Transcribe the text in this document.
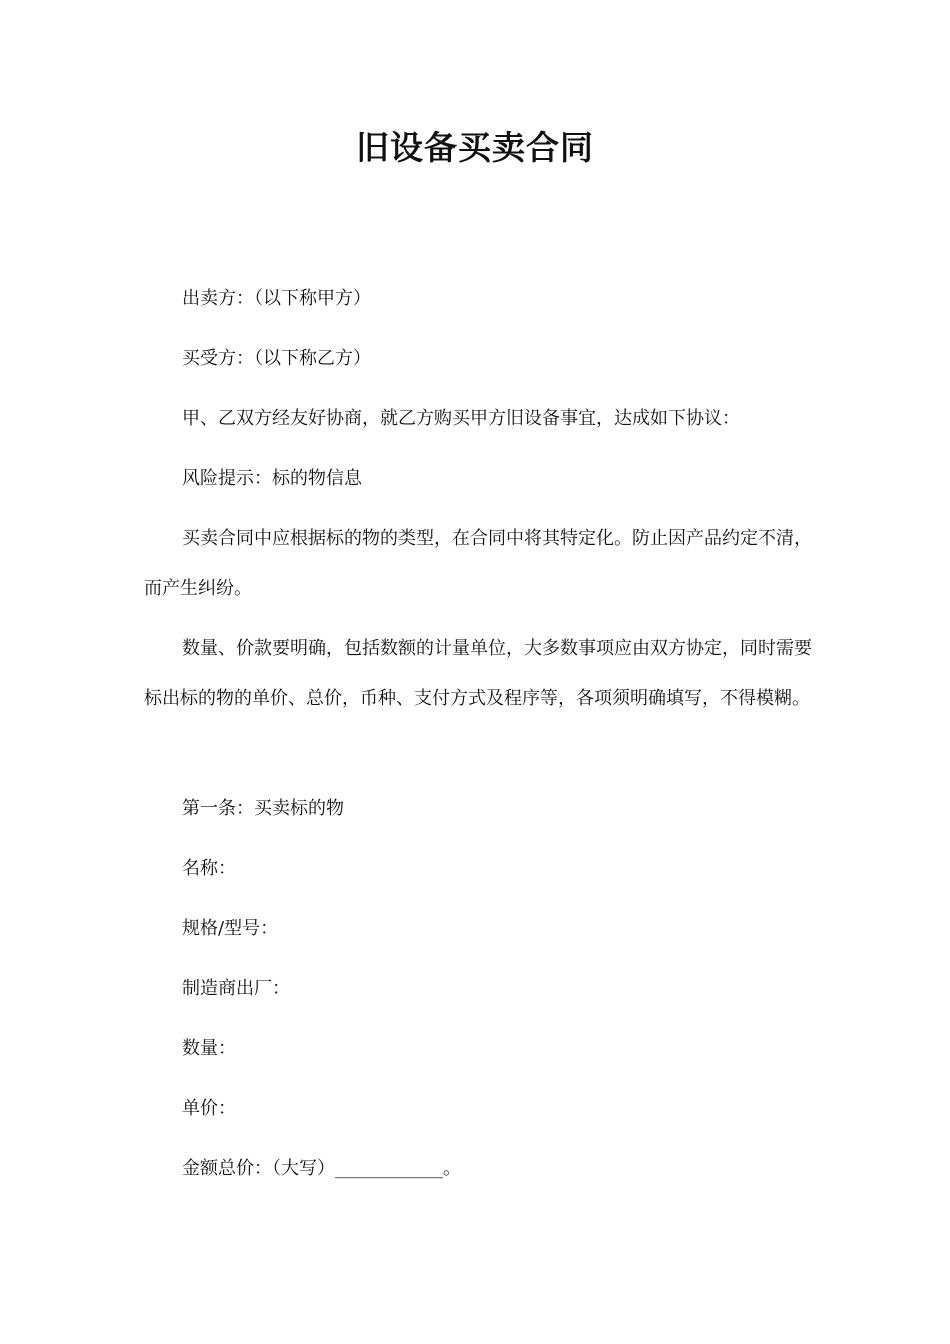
旧设备买卖合同

出卖方：（以下称甲方）

买受方：（以下称乙方）

甲、乙双方经友好协商，就乙方购买甲方旧设备事宜，达成如下协议：

风险提示：标的物信息

买卖合同中应根据标的物的类型，在合同中将其特定化。防止因产品约定不清，而产生纠纷。

数量、价款要明确，包括数额的计量单位，大多数事项应由双方协定，同时需要标出标的物的单价、总价，币种、支付方式及程序等，各项须明确填写，不得模糊。

第一条：买卖标的物

名称：

规格/型号：

制造商出厂：

数量：

单价：

金额总价：（大写）____________。
